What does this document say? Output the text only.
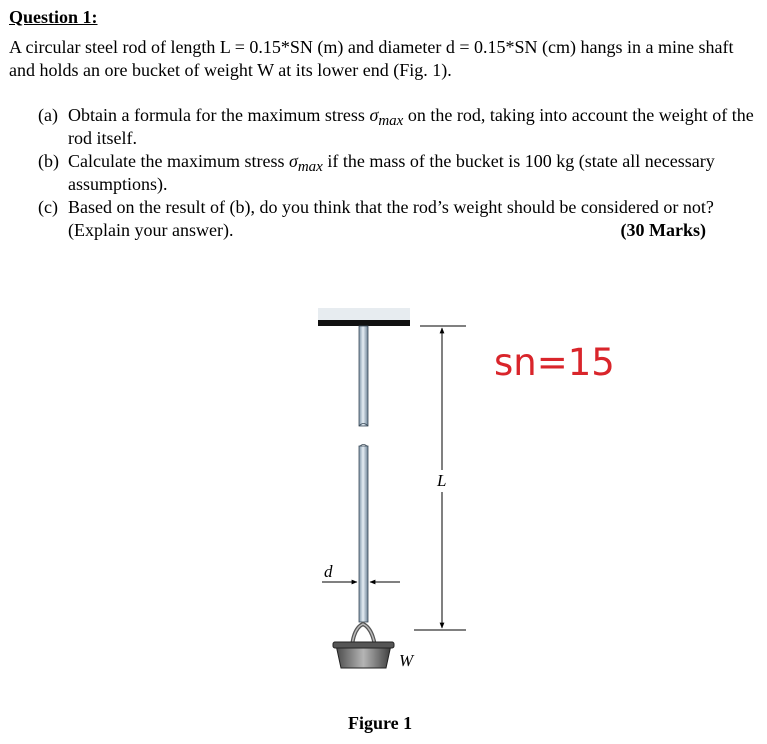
Question 1:

A circular steel rod of length L = 0.15*SN (m) and diameter d = 0.15*SN (cm) hangs in a mine shaft and holds an ore bucket of weight W at its lower end (Fig. 1).

(a) Obtain a formula for the maximum stress $\sigma_{max}$ on the rod, taking into account the weight of the rod itself.
(b) Calculate the maximum stress $\sigma_{max}$ if the mass of the bucket is 100 kg (state all necessary assumptions).
(c) Based on the result of (b), do you think that the rod’s weight should be considered or not? (Explain your answer).	(30 Marks)
sn=15
L
d
W
Figure 1
